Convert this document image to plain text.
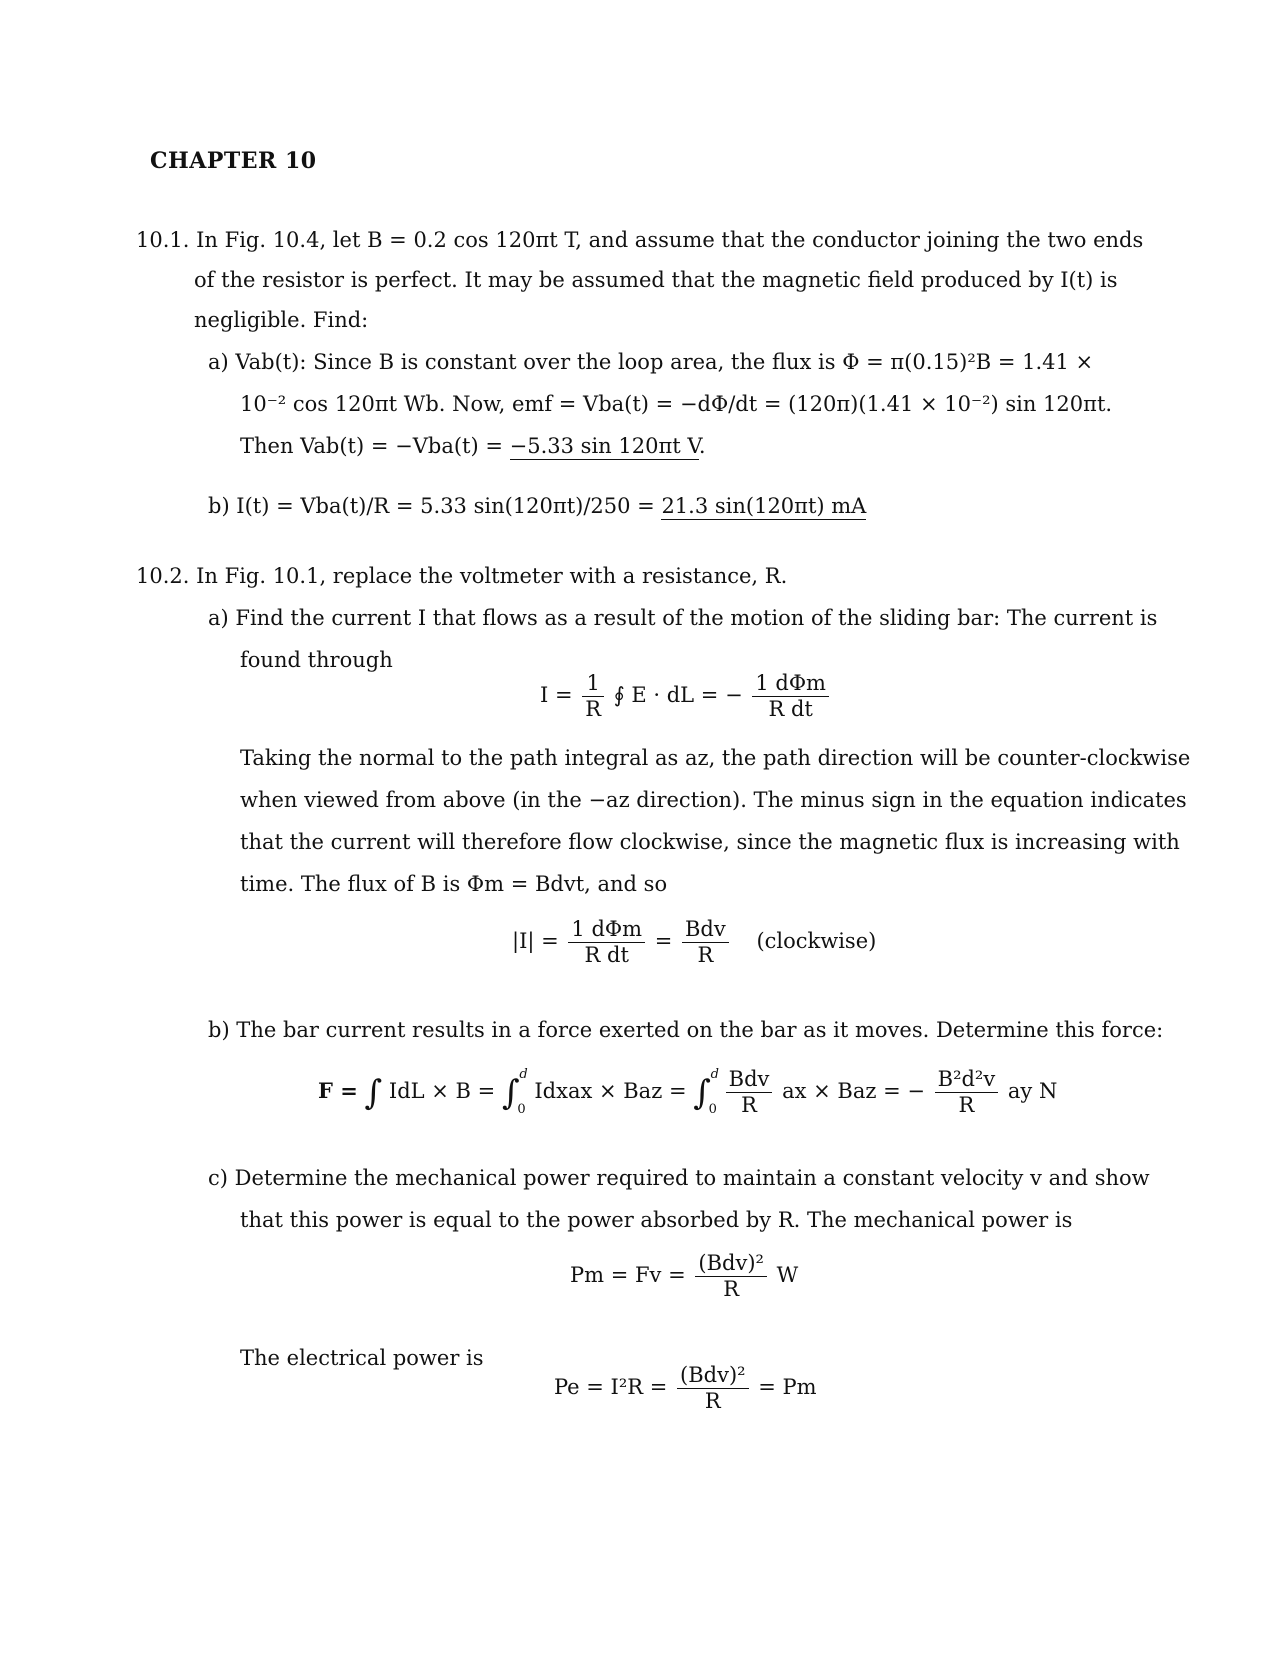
CHAPTER 10
10.1. In Fig. 10.4, let B = 0.2 cos 120πt T, and assume that the conductor joining the two ends
of the resistor is perfect. It may be assumed that the magnetic field produced by I(t) is
negligible. Find:
a) Vab(t): Since B is constant over the loop area, the flux is Φ = π(0.15)²B = 1.41 ×
10⁻² cos 120πt Wb. Now, emf = Vba(t) = −dΦ/dt = (120π)(1.41 × 10⁻²) sin 120πt.
Then Vab(t) = −Vba(t) = −5.33 sin 120πt V.
b) I(t) = Vba(t)/R = 5.33 sin(120πt)/250 = 21.3 sin(120πt) mA
10.2. In Fig. 10.1, replace the voltmeter with a resistance, R.
a) Find the current I that flows as a result of the motion of the sliding bar: The current is
found through
$I = \frac{1}{R}$ ∮ E · dL = − $\frac{\text{1 dΦm}}{\text{R dt}}$
Taking the normal to the path integral as az, the path direction will be counter-clockwise
when viewed from above (in the −az direction). The minus sign in the equation indicates
that the current will therefore flow clockwise, since the magnetic flux is increasing with
time. The flux of B is Φm = Bdvt, and so
$|I| = \frac{\text{1 dΦm}}{\text{R dt}} = \frac{\text{Bdv}}{R}$ (clockwise)
b) The bar current results in a force exerted on the bar as it moves. Determine this force:
F = ∫ IdL × B = ∫ d
0
Idxax × Baz = ∫ d
0
$\frac{\text{Bdv}}{R}$ ax × Baz = − $\frac{\text{B²d²v}}{R}$ ay N
c) Determine the mechanical power required to maintain a constant velocity v and show
that this power is equal to the power absorbed by R. The mechanical power is
$Pm = Fv = \frac{\text{(Bdv)²}}{R}$ W
The electrical power is
$Pe = I^2R = \frac{\text{(Bdv)²}}{R} = Pm$
